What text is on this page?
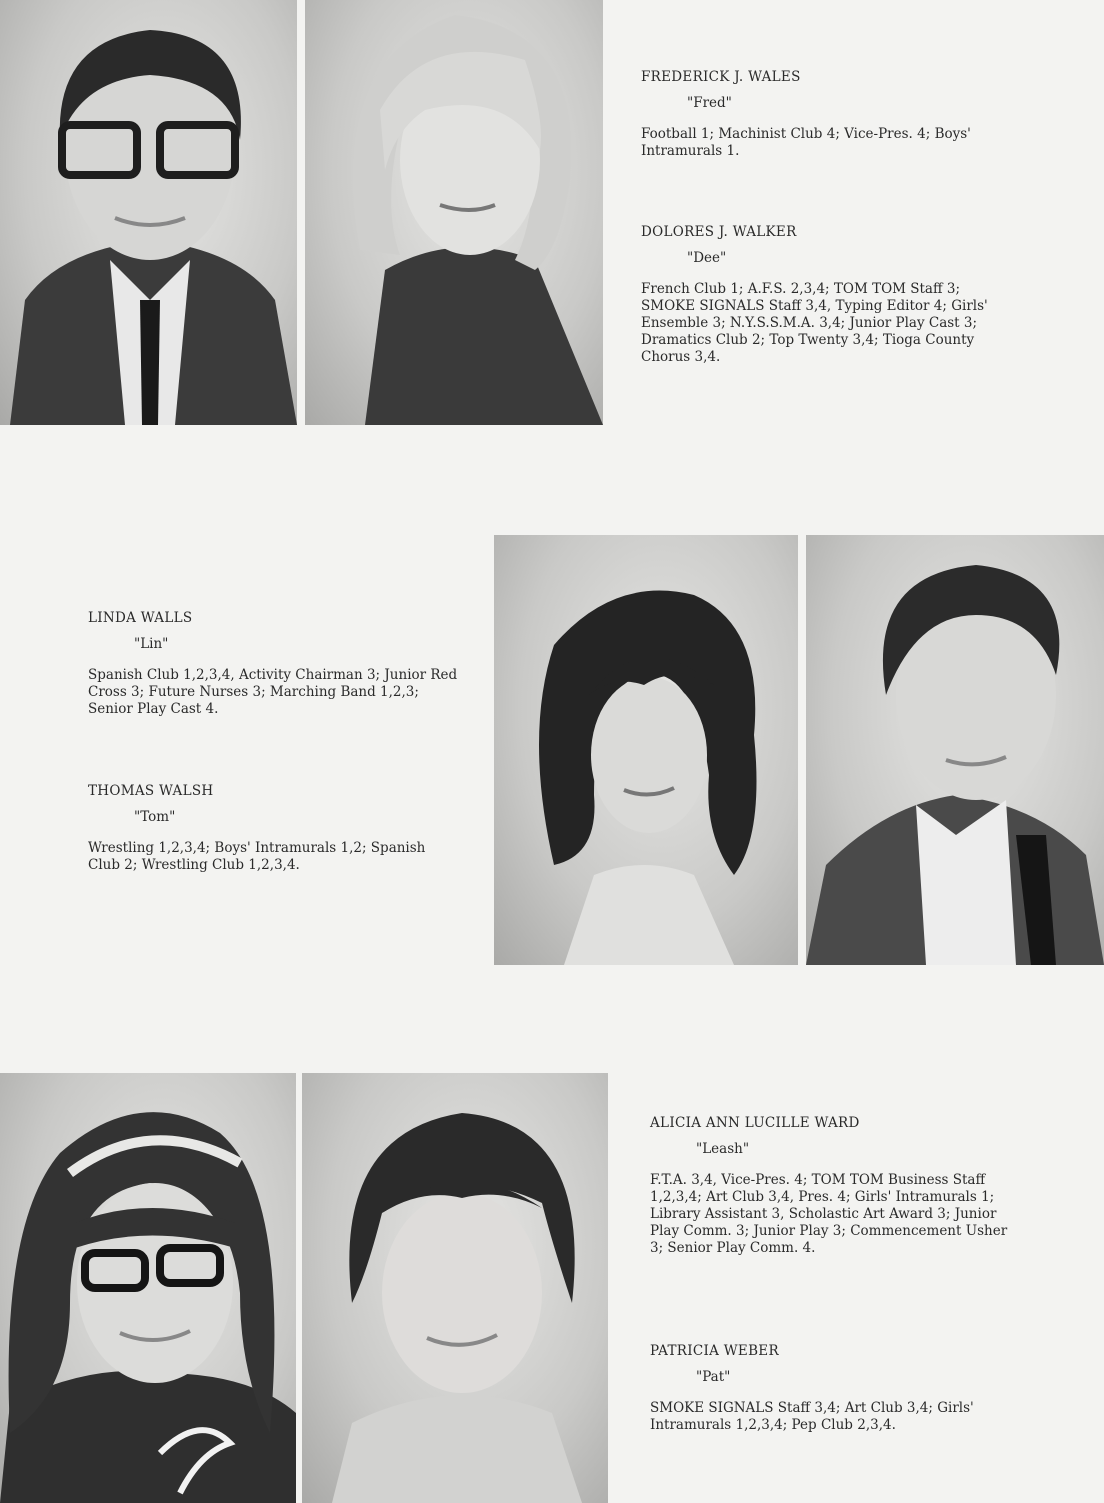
FREDERICK J. WALES

"Fred"

Football 1; Machinist Club 4; Vice-Pres. 4; Boys' Intramurals 1.

DOLORES J. WALKER

"Dee"

French Club 1; A.F.S. 2,3,4; TOM TOM Staff 3; SMOKE SIGNALS Staff 3,4, Typing Editor 4; Girls' Ensemble 3; N.Y.S.S.M.A. 3,4; Junior Play Cast 3; Dramatics Club 2; Top Twenty 3,4; Tioga County Chorus 3,4.

LINDA WALLS

"Lin"

Spanish Club 1,2,3,4, Activity Chairman 3; Junior Red Cross 3; Future Nurses 3; Marching Band 1,2,3; Senior Play Cast 4.

THOMAS WALSH

"Tom"

Wrestling 1,2,3,4; Boys' Intramurals 1,2; Spanish Club 2; Wrestling Club 1,2,3,4.

ALICIA ANN LUCILLE WARD

"Leash"

F.T.A. 3,4, Vice-Pres. 4; TOM TOM Business Staff 1,2,3,4; Art Club 3,4, Pres. 4; Girls' Intramurals 1; Library Assistant 3, Scholastic Art Award 3; Junior Play Comm. 3; Junior Play 3; Commencement Usher 3; Senior Play Comm. 4.

PATRICIA WEBER

"Pat"

SMOKE SIGNALS Staff 3,4; Art Club 3,4; Girls' Intramurals 1,2,3,4; Pep Club 2,3,4.
